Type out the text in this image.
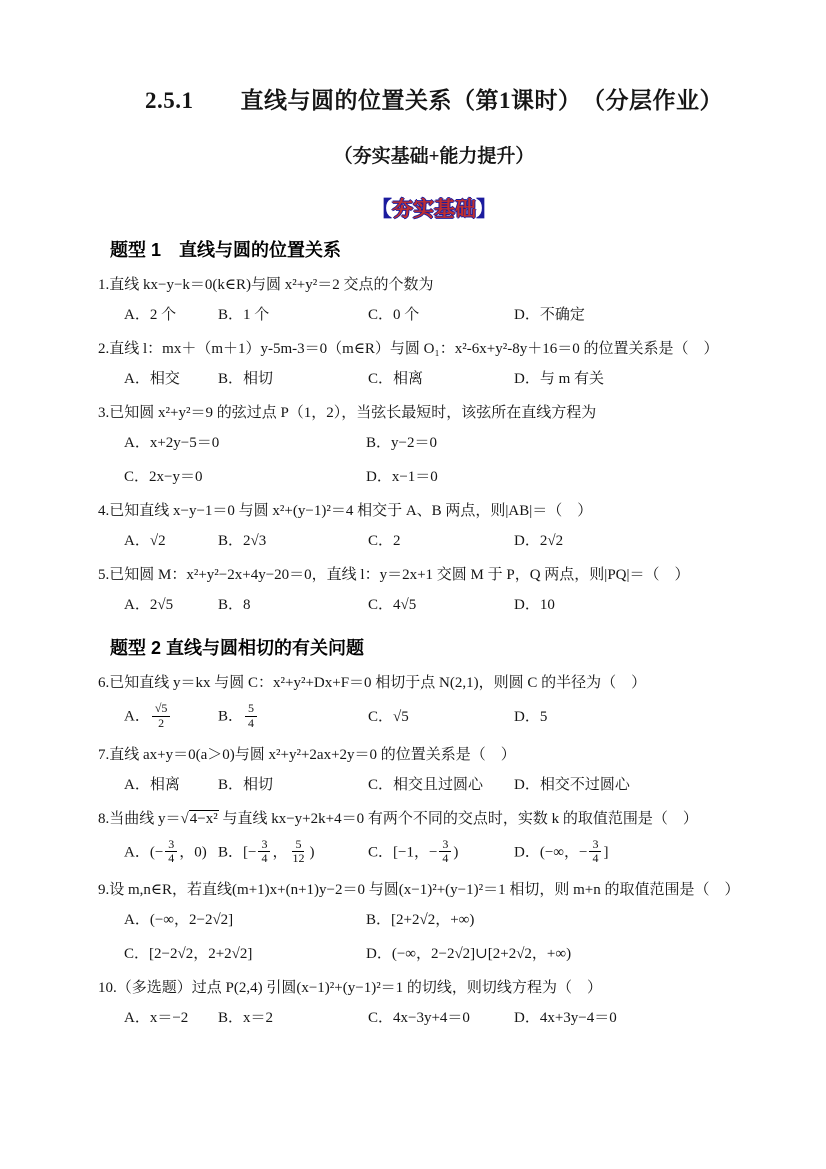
2.5.1　　直线与圆的位置关系（第1课时）　（分层作业）
（夯实基础+能力提升）
【夯实基础】
题型 1　直线与圆的位置关系
1.直线 kx−y−k＝0(k∈R)与圆 x²+y²＝2 交点的个数为
A．2 个	B．1 个	C．0 个	D．不确定
2.直线 l：mx＋（m＋1）y-5m-3＝0（m∈R）与圆 O₁：x²-6x+y²-8y＋16＝0 的位置关系是（　）
A．相交	B．相切	C．相离	D．与 m 有关
3.已知圆 x²+y²＝9 的弦过点 P（1，2），当弦长最短时，该弦所在直线方程为
A．x+2y−5＝0	B．y−2＝0
C．2x−y＝0	D．x−1＝0
4.已知直线 x−y−1＝0 与圆 x²+(y−1)²＝4 相交于 A、B 两点，则|AB|＝（　）
A．√2	B．2√3	C．2	D．2√2
5.已知圆 M：x²+y²−2x+4y−20＝0，直线 l：y＝2x+1 交圆 M 于 P，Q 两点，则|PQ|＝（　）
A．2√5	B．8	C．4√5	D．10
题型 2 直线与圆相切的有关问题
6.已知直线 y＝kx 与圆 C：x²+y²+Dx+F＝0 相切于点 N(2,1)，则圆 C 的半径为（　）
A． $\frac{√5}{2}$	B． $\frac{5}{4}$	C．√5	D．5
7.直线 ax+y＝0(a＞0)与圆 x²+y²+2ax+2y＝0 的位置关系是（　）
A．相离	B．相切	C．相交且过圆心	D．相交不过圆心
8.当曲线 y＝√4−x² 与直线 kx−y+2k+4＝0 有两个不同的交点时，实数 k 的取值范围是（　）
A．(− $\frac{3}{4}$ ，0) B．[− $\frac{3}{4}$ ， $\frac{5}{12}$ )	C．[−1，− $\frac{3}{4}$ )	D．(−∞，− $\frac{3}{4}$ ]
9.设 m,n∈R，若直线(m+1)x+(n+1)y−2＝0 与圆(x−1)²+(y−1)²＝1 相切，则 m+n 的取值范围是（　）
A．(−∞，2−2√2]	B．[2+2√2，+∞)
C．[2−2√2，2+2√2]	D．(−∞，2−2√2]∪[2+2√2，+∞)
10.（多选题）过点 P(2,4) 引圆(x−1)²+(y−1)²＝1 的切线，则切线方程为（　）
A．x＝−2	B．x＝2	C．4x−3y+4＝0	D．4x+3y−4＝0
